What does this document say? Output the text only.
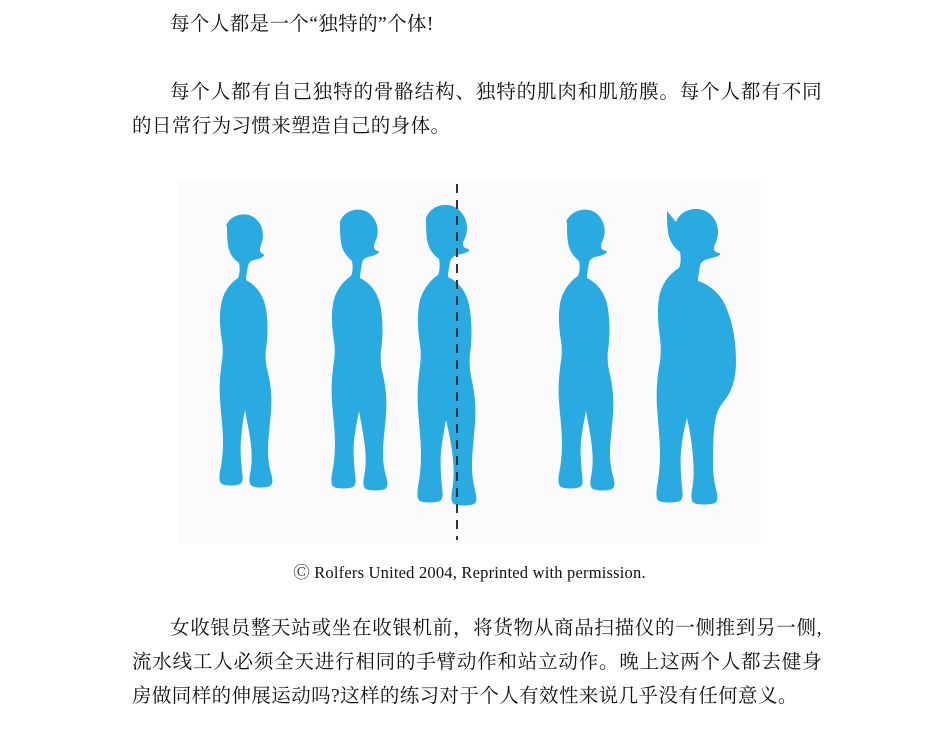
每个人都是一个“独特的”个体!

每个人都有自己独特的骨骼结构、独特的肌肉和肌筋膜。每个人都有不同的日常行为习惯来塑造自己的身体。

Ⓒ Rolfers United 2004, Reprinted with permission.

女收银员整天站或坐在收银机前，将货物从商品扫描仪的一侧推到另一侧,流水线工人必须全天进行相同的手臂动作和站立动作。晚上这两个人都去健身房做同样的伸展运动吗?这样的练习对于个人有效性来说几乎没有任何意义。
